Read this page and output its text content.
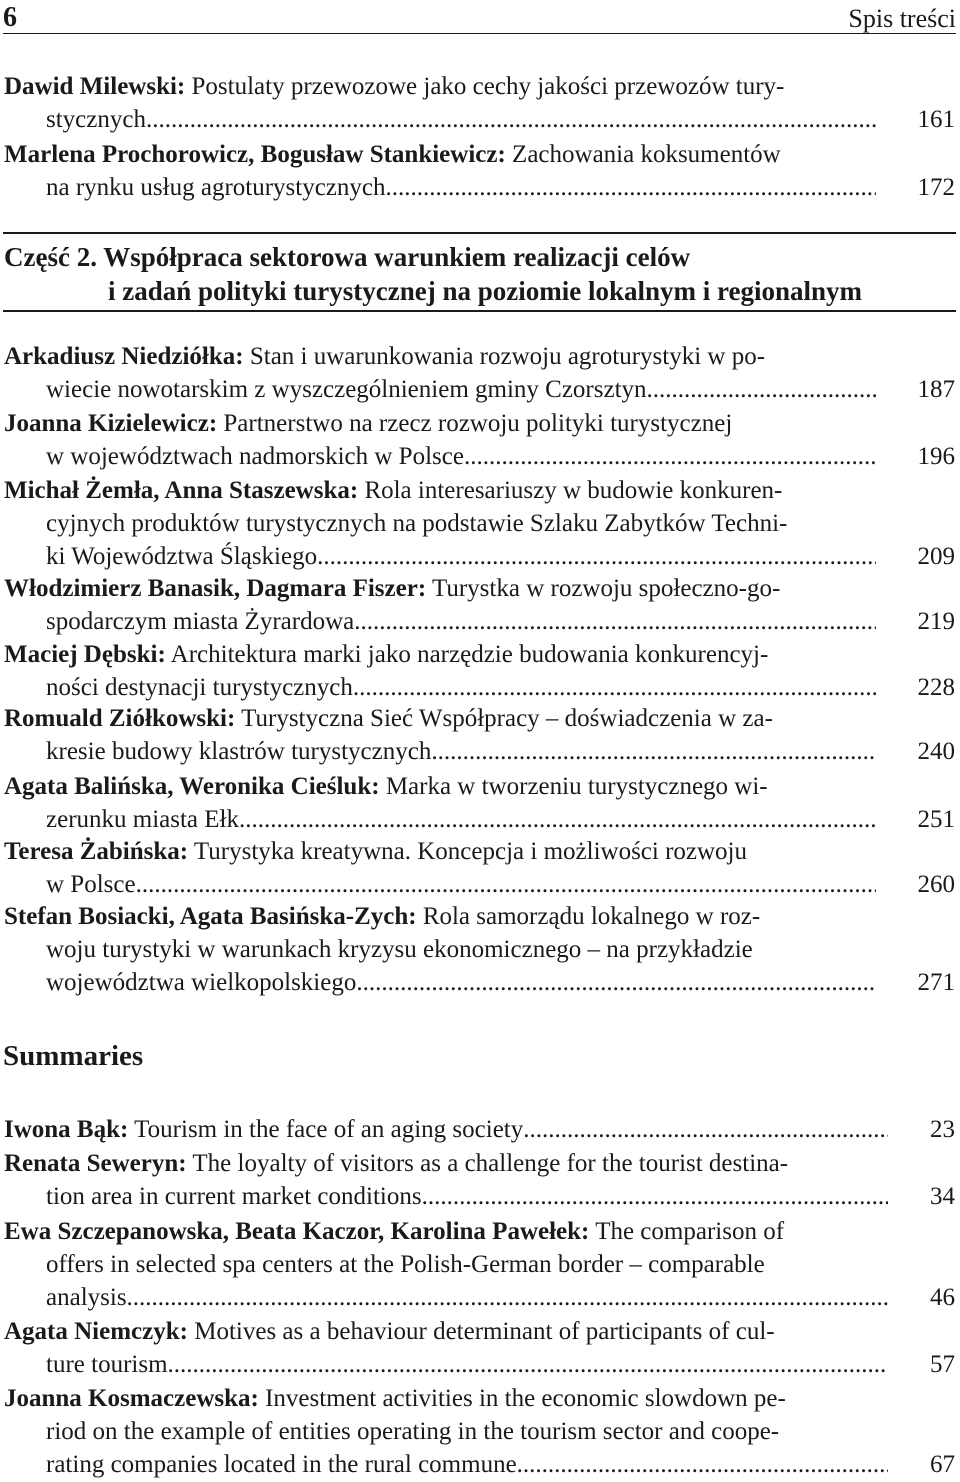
6	Spis treści
Dawid Milewski: Postulaty przewozowe jako cechy jakości przewozów tury-
stycznych .....	161
Marlena Prochorowicz, Bogusław Stankiewicz: Zachowania koksumentów
na rynku usług agroturystycznych .....	172
Część 2. Współpraca sektorowa warunkiem realizacji celów
i zadań polityki turystycznej na poziomie lokalnym i regionalnym
Arkadiusz Niedziółka: Stan i uwarunkowania rozwoju agroturystyki w po-
wiecie nowotarskim z wyszczególnieniem gminy Czorsztyn .....	187
Joanna Kizielewicz: Partnerstwo na rzecz rozwoju polityki turystycznej
w województwach nadmorskich w Polsce .....	196
Michał Żemła, Anna Staszewska: Rola interesariuszy w budowie konkuren-
cyjnych produktów turystycznych na podstawie Szlaku Zabytków Techni-
ki Województwa Śląskiego .....	209
Włodzimierz Banasik, Dagmara Fiszer: Turystka w rozwoju społeczno-go-
spodarczym miasta Żyrardowa .....	219
Maciej Dębski: Architektura marki jako narzędzie budowania konkurencyj-
ności destynacji turystycznych .....	228
Romuald Ziółkowski: Turystyczna Sieć Współpracy – doświadczenia w za-
kresie budowy klastrów turystycznych .....	240
Agata Balińska, Weronika Cieśluk: Marka w tworzeniu turystycznego wi-
zerunku miasta Ełk .....	251
Teresa Żabińska: Turystyka kreatywna. Koncepcja i możliwości rozwoju
w Polsce .....	260
Stefan Bosiacki, Agata Basińska-Zych: Rola samorządu lokalnego w roz-
woju turystyki w warunkach kryzysu ekonomicznego – na przykładzie
województwa wielkopolskiego .....	271
Summaries
Iwona Bąk: Tourism in the face of an aging society .....	23
Renata Seweryn: The loyalty of visitors as a challenge for the tourist destina-
tion area in current market conditions .....	34
Ewa Szczepanowska, Beata Kaczor, Karolina Pawełek: The comparison of
offers in selected spa centers at the Polish-German border – comparable
analysis .....	46
Agata Niemczyk: Motives as a behaviour determinant of participants of cul-
ture tourism .....	57
Joanna Kosmaczewska: Investment activities in the economic slowdown pe-
riod on the example of entities operating in the tourism sector and coope-
rating companies located in the rural commune .....	67
